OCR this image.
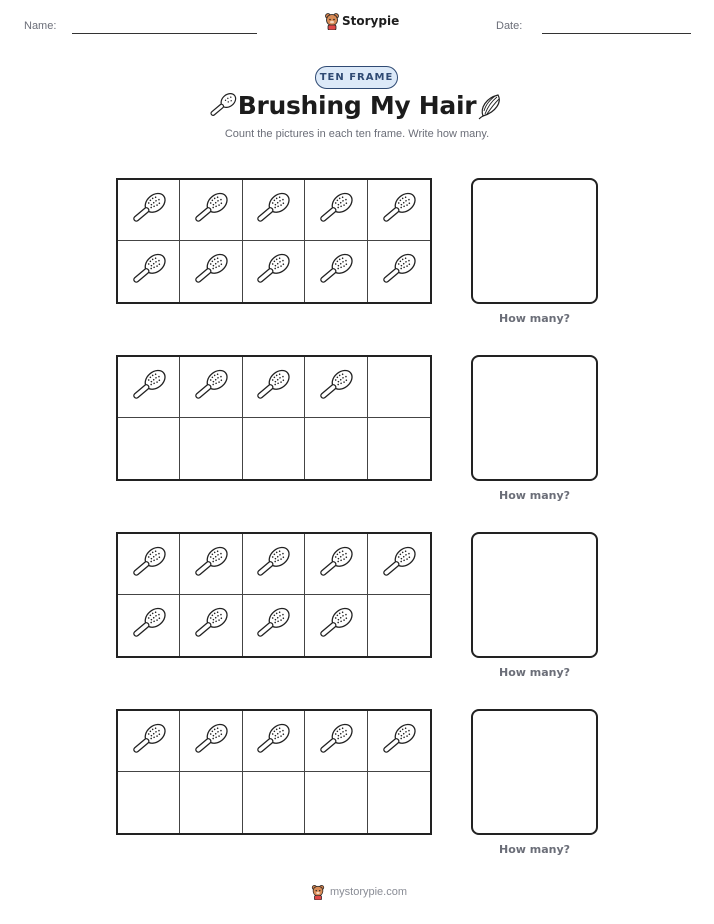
Name:	Storypie	Date:
TEN FRAME
Brushing My Hair
Count the pictures in each ten frame. Write how many.
How many?
How many?
How many?
How many?
mystorypie.com
